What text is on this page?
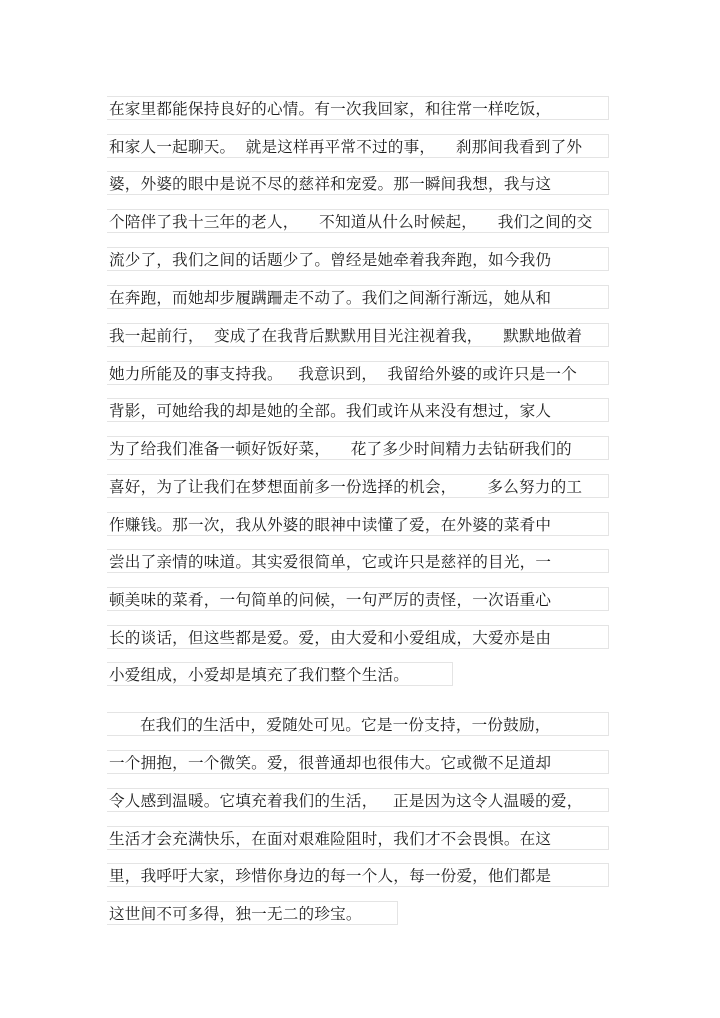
在家里都能保持良好的心情。有一次我回家，和往常一样吃饭，
和家人一起聊天。  就是这样再平常不过的事，    刹那间我看到了外
婆，外婆的眼中是说不尽的慈祥和宠爱。那一瞬间我想，我与这
个陪伴了我十三年的老人，    不知道从什么时候起，    我们之间的交
流少了，我们之间的话题少了。曾经是她牵着我奔跑，如今我仍
在奔跑，而她却步履蹒跚走不动了。我们之间渐行渐远，她从和
我一起前行，  变成了在我背后默默用目光注视着我，    默默地做着
她力所能及的事支持我。   我意识到，  我留给外婆的或许只是一个
背影，可她给我的却是她的全部。我们或许从来没有想过，家人
为了给我们准备一顿好饭好菜，    花了多少时间精力去钻研我们的
喜好，为了让我们在梦想面前多一份选择的机会，      多么努力的工
作赚钱。那一次，我从外婆的眼神中读懂了爱，在外婆的菜肴中
尝出了亲情的味道。其实爱很简单，它或许只是慈祥的目光，一
顿美味的菜肴，一句简单的问候，一句严厉的责怪，一次语重心
长的谈话，但这些都是爱。爱，由大爱和小爱组成，大爱亦是由
小爱组成，小爱却是填充了我们整个生活。
在我们的生活中，爱随处可见。它是一份支持，一份鼓励，
一个拥抱，一个微笑。爱，很普通却也很伟大。它或微不足道却
令人感到温暖。它填充着我们的生活，   正是因为这令人温暖的爱，
生活才会充满快乐，在面对艰难险阻时，我们才不会畏惧。在这
里，我呼吁大家，珍惜你身边的每一个人，每一份爱，他们都是
这世间不可多得，独一无二的珍宝。
